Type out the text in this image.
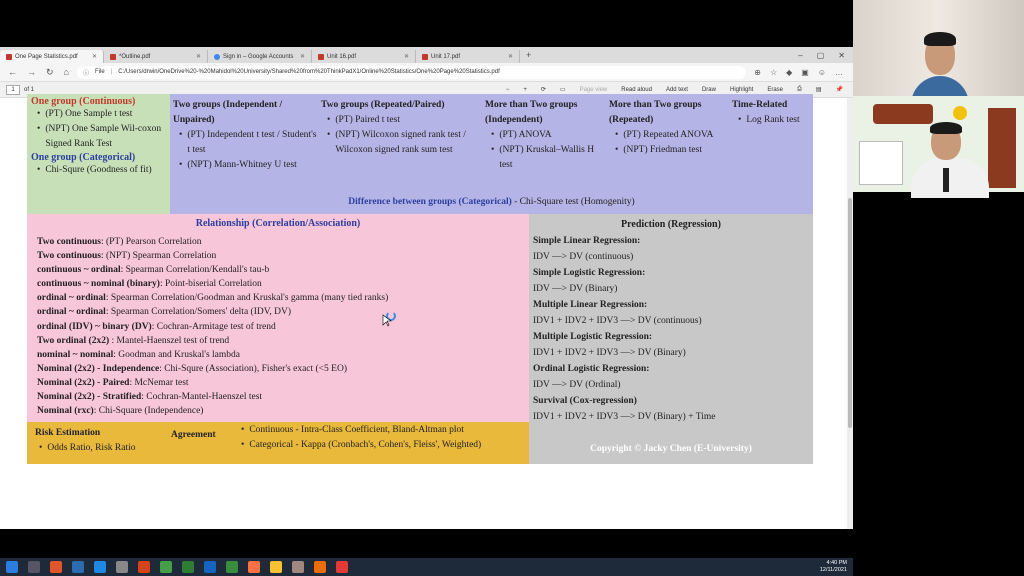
One Page Statistics.pdf ✕	*Outline.pdf	✕	Sign in – Google Accounts ✕	Unit 16.pdf	✕	Unit 17.pdf	✕	+	– ▢ ✕
← → ↻ ⌂ ⓘ File | C:/Users/drwin/OneDrive%20-%20Mahidol%20University/Shared%20from%20ThinkPadX1/Online%20Statistics/One%20Page%20Statistics.pdf	⊕ ☆ ◆ ▣ ☺ …
1	of 1	− + ⟳ ▭ Page view Read aloud Add text Draw Highlight Erase ⎙ ▤ 📌
One group (Continuous)
• (PT) One Sample t test
• (NPT) One Sample Wil-coxon Signed Rank Test
One group (Categorical)
• Chi-Squre (Goodness of fit)
Two groups (Independent / Unpaired)
• (PT) Independent t test / Student's t test
• (NPT) Mann-Whitney U test
Two groups (Repeated/Paired)
• (PT) Paired t test
• (NPT) Wilcoxon signed rank test / Wilcoxon signed rank sum test
More than Two groups (Independent)
• (PT) ANOVA
• (NPT) Kruskal–Wallis H test
More than Two groups (Repeated)
• (PT) Repeated ANOVA
• (NPT) Friedman test
Time-Related
• Log Rank test
Difference between groups (Categorical) - Chi-Square test (Homogenity)
Relationship (Correlation/Association)
Two continuous: (PT) Pearson Correlation
Two continuous: (NPT) Spearman Correlation
continuous ~ ordinal: Spearman Correlation/Kendall's tau-b
continuous ~ nominal (binary): Point-biserial Correlation
ordinal ~ ordinal: Spearman Correlation/Goodman and Kruskal's gamma (many tied ranks)
ordinal ~ ordinal: Spearman Correlation/Somers' delta (IDV, DV)
ordinal (IDV) ~ binary (DV): Cochran-Armitage test of trend
Two ordinal (2x2) : Mantel-Haenszel test of trend
nominal ~ nominal: Goodman and Kruskal's lambda
Nominal (2x2) - Independence: Chi-Squre (Association), Fisher's exact (<5 EO)
Nominal (2x2) - Paired: McNemar test
Nominal (2x2) - Stratified: Cochran-Mantel-Haenszel test
Nominal (rxc): Chi-Square (Independence)
Prediction (Regression)
Simple Linear Regression:
IDV —> DV (continuous)
Simple Logistic Regression:
IDV —> DV (Binary)
Multiple Linear Regression:
IDV1 + IDV2 + IDV3 —> DV (continuous)
Multiple Logistic Regression:
IDV1 + IDV2 + IDV3 —> DV (Binary)
Ordinal Logistic Regression:
IDV —> DV (Ordinal)
Survival (Cox-regression)
IDV1 + IDV2 + IDV3 —> DV (Binary) + Time
Copyright © Jacky Chen (E-University)
Risk Estimation
• Odds Ratio, Risk Ratio
Agreement	• Continuous - Intra-Class Coefficient, Bland-Altman plot
• Categorical - Kappa (Cronbach's, Cohen's, Fleiss', Weighted)
4:40 PM
12/11/2021
